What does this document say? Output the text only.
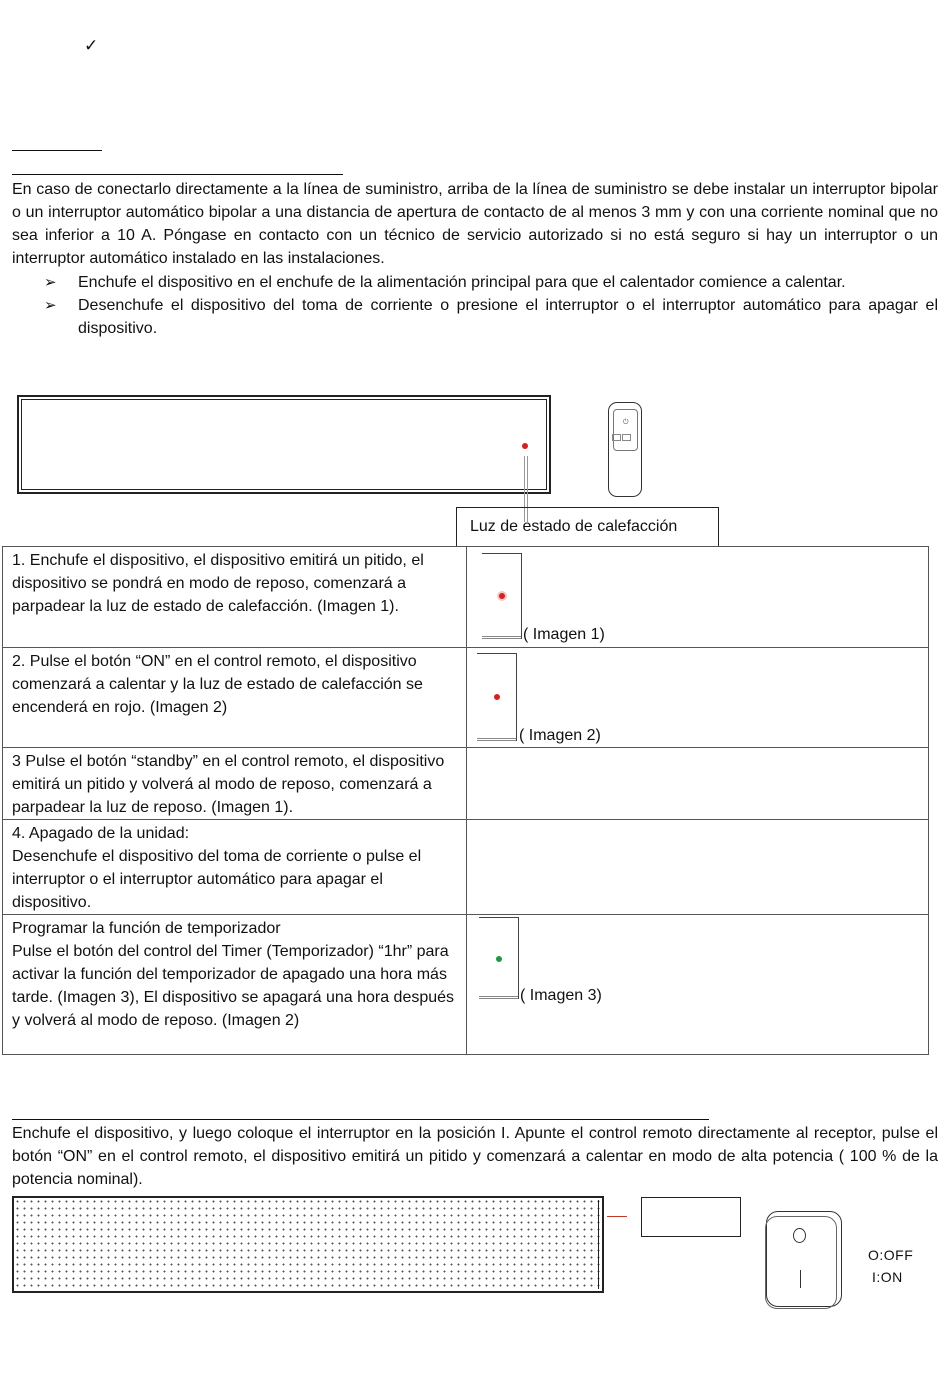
✓
En caso de conectarlo directamente a la línea de suministro, arriba de la línea de suministro se debe instalar un interruptor bipolar o un interruptor automático bipolar a una distancia de apertura de contacto de al menos 3 mm y con una corriente nominal que no sea inferior a 10 A. Póngase en contacto con un técnico de servicio autorizado si no está seguro si hay un interruptor o un interruptor automático instalado en las instalaciones.
➢ Enchufe el dispositivo en el enchufe de la alimentación principal para que el calentador comience a calentar.
➢ Desenchufe el dispositivo del toma de corriente o presione el interruptor o el interruptor automático para apagar el dispositivo.
⏻
Luz de estado de calefacción
1. Enchufe el dispositivo, el dispositivo emitirá un pitido, el dispositivo se pondrá en modo de reposo, comenzará a parpadear la luz de estado de calefacción. (Imagen 1).	( Imagen 1)

2. Pulse el botón “ON” en el control remoto, el dispositivo comenzará a calentar y la luz de estado de calefacción se encenderá en rojo. (Imagen 2)	( Imagen 2)

3 Pulse el botón “standby” en el control remoto, el dispositivo emitirá un pitido y volverá al modo de reposo, comenzará a parpadear la luz de reposo. (Imagen 1).	

4. Apagado de la unidad:
Desenchufe el dispositivo del toma de corriente o pulse el interruptor o el interruptor automático para apagar el dispositivo.	

Programar la función de temporizador
Pulse el botón del control del Timer (Temporizador) “1hr” para activar la función del temporizador de apagado una hora más tarde. (Imagen 3), El dispositivo se apagará una hora después y volverá al modo de reposo. (Imagen 2)	( Imagen 3)
Enchufe el dispositivo, y luego coloque el interruptor en la posición I. Apunte el control remoto directamente al receptor, pulse el botón “ON” en el control remoto, el dispositivo emitirá un pitido y comenzará a calentar en modo de alta potencia ( 100 % de la potencia nominal).
O:OFF
I:ON
